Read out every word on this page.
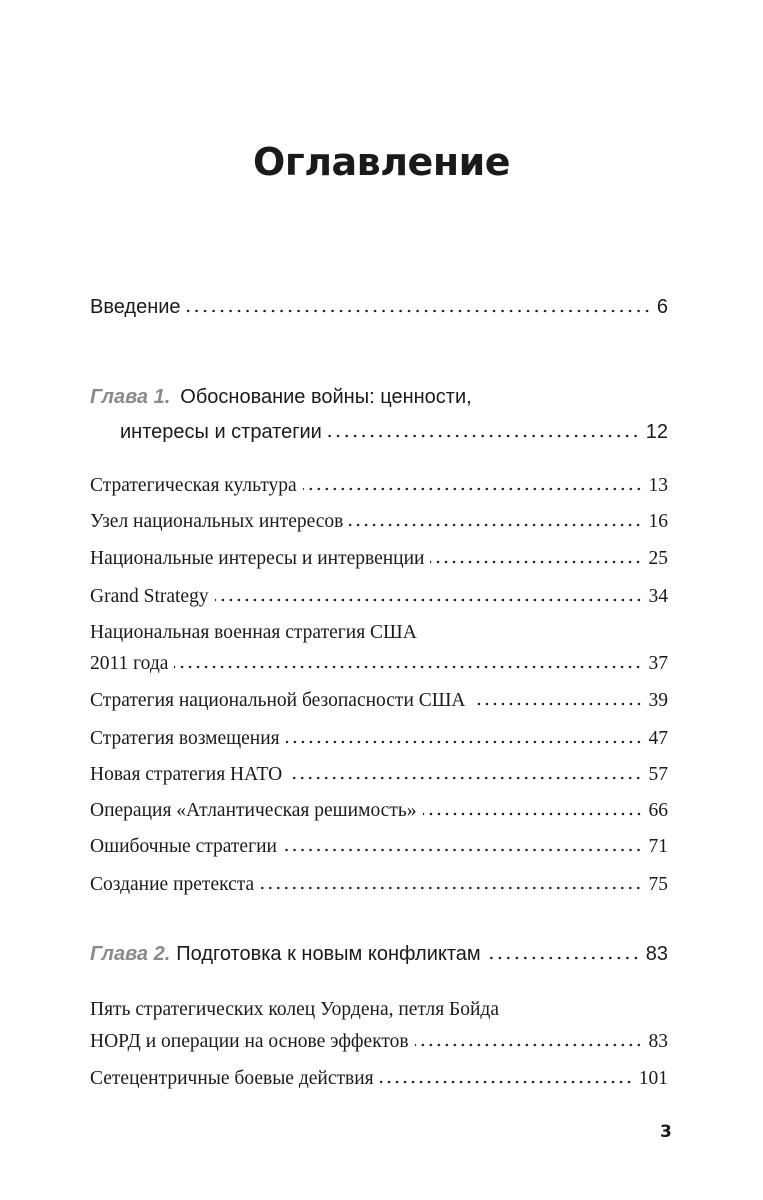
Оглавление
Введение	6
Глава 1. Обоснование войны: ценности,
интересы и стратегии	12
Стратегическая культура	13
Узел национальных интересов	16
Национальные интересы и интервенции	25
Grand Strategy	34
Национальная военная стратегия США
2011 года	37
Стратегия национальной безопасности США	39
Стратегия возмещения	47
Новая стратегия НАТО	57
Операция «Атлантическая решимость»	66
Ошибочные стратегии	71
Создание претекста	75
Глава 2. Подготовка к новым конфликтам	83
Пять стратегических колец Уордена, петля Бойда
НОРД и операции на основе эффектов	83
Сетецентричные боевые действия	101
3
